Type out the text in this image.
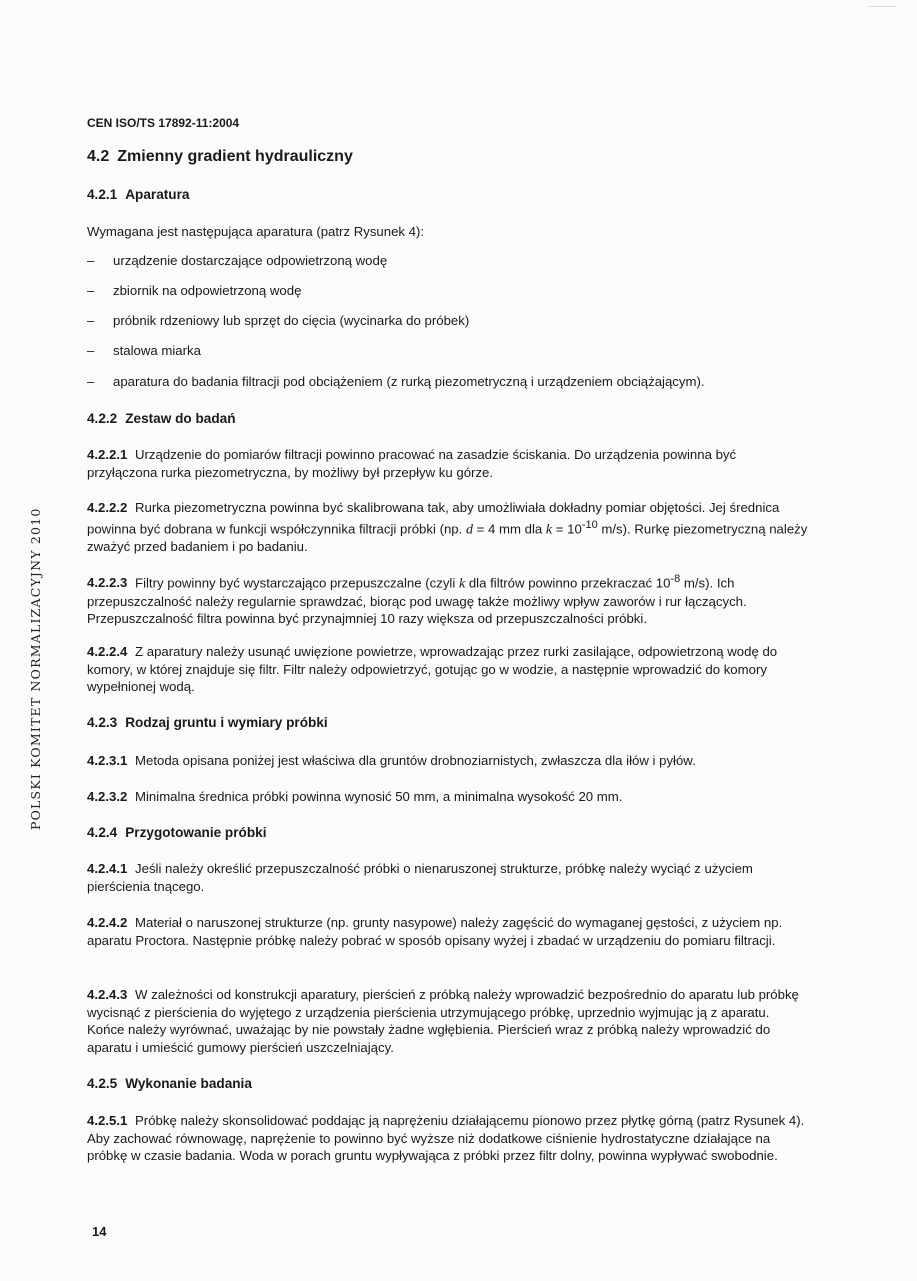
POLSKI KOMITET NORMALIZACYJNY 2010
CEN ISO/TS 17892-11:2004
4.2 Zmienny gradient hydrauliczny
4.2.1 Aparatura
Wymagana jest następująca aparatura (patrz Rysunek 4):
– urządzenie dostarczające odpowietrzoną wodę
– zbiornik na odpowietrzoną wodę
– próbnik rdzeniowy lub sprzęt do cięcia (wycinarka do próbek)
– stalowa miarka
– aparatura do badania filtracji pod obciążeniem (z rurką piezometryczną i urządzeniem obciążającym).
4.2.2 Zestaw do badań
4.2.2.1 Urządzenie do pomiarów filtracji powinno pracować na zasadzie ściskania. Do urządzenia powinna być przyłączona rurka piezometryczna, by możliwy był przepływ ku górze.
4.2.2.2 Rurka piezometryczna powinna być skalibrowana tak, aby umożliwiała dokładny pomiar objętości. Jej średnica powinna być dobrana w funkcji współczynnika filtracji próbki (np. d = 4 mm dla $k = 10^{-10}$ m/s). Rurkę piezometryczną należy zważyć przed badaniem i po badaniu.
4.2.2.3 Filtry powinny być wystarczająco przepuszczalne (czyli k dla filtrów powinno przekraczać $10^{-8}$ m/s). Ich przepuszczalność należy regularnie sprawdzać, biorąc pod uwagę także możliwy wpływ zaworów i rur łączących. Przepuszczalność filtra powinna być przynajmniej 10 razy większa od przepuszczalności próbki.
4.2.2.4 Z aparatury należy usunąć uwięzione powietrze, wprowadzając przez rurki zasilające, odpowietrzoną wodę do komory, w której znajduje się filtr. Filtr należy odpowietrzyć, gotując go w wodzie, a następnie wprowadzić do komory wypełnionej wodą.
4.2.3 Rodzaj gruntu i wymiary próbki
4.2.3.1 Metoda opisana poniżej jest właściwa dla gruntów drobnoziarnistych, zwłaszcza dla iłów i pyłów.
4.2.3.2 Minimalna średnica próbki powinna wynosić 50 mm, a minimalna wysokość 20 mm.
4.2.4 Przygotowanie próbki
4.2.4.1 Jeśli należy określić przepuszczalność próbki o nienaruszonej strukturze, próbkę należy wyciąć z użyciem pierścienia tnącego.
4.2.4.2 Materiał o naruszonej strukturze (np. grunty nasypowe) należy zagęścić do wymaganej gęstości, z użyciem np. aparatu Proctora. Następnie próbkę należy pobrać w sposób opisany wyżej i zbadać w urządzeniu do pomiaru filtracji.
4.2.4.3 W zależności od konstrukcji aparatury, pierścień z próbką należy wprowadzić bezpośrednio do aparatu lub próbkę wycisnąć z pierścienia do wyjętego z urządzenia pierścienia utrzymującego próbkę, uprzednio wyjmując ją z aparatu. Końce należy wyrównać, uważając by nie powstały żadne wgłębienia. Pierścień wraz z próbką należy wprowadzić do aparatu i umieścić gumowy pierścień uszczelniający.
4.2.5 Wykonanie badania
4.2.5.1 Próbkę należy skonsolidować poddając ją naprężeniu działającemu pionowo przez płytkę górną (patrz Rysunek 4). Aby zachować równowagę, naprężenie to powinno być wyższe niż dodatkowe ciśnienie hydrostatyczne działające na próbkę w czasie badania. Woda w porach gruntu wypływająca z próbki przez filtr dolny, powinna wypływać swobodnie.
14
